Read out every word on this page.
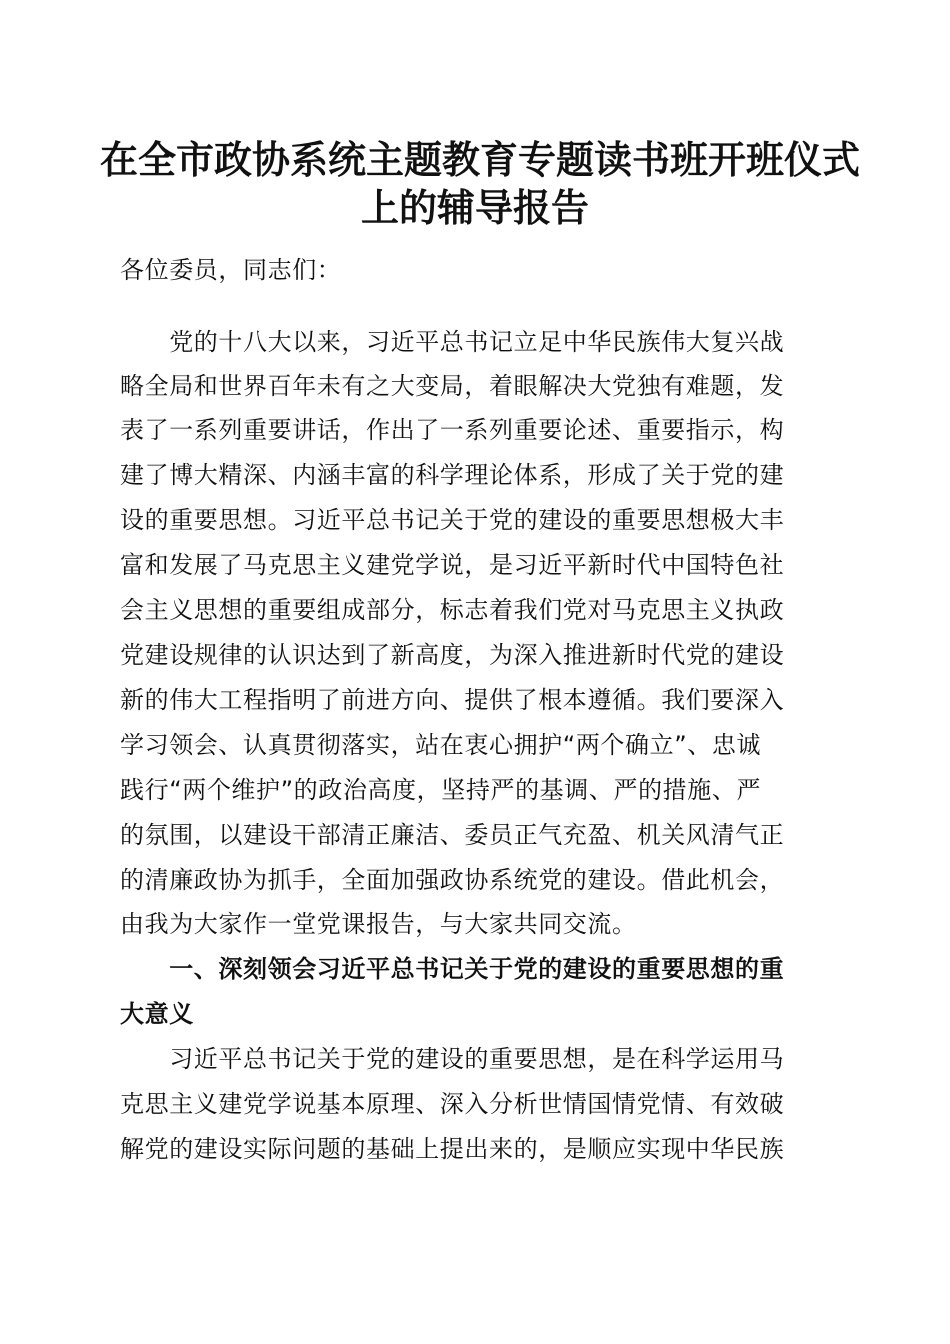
在全市政协系统主题教育专题读书班开班仪式
上的辅导报告

各位委员，同志们：

　　党的十八大以来，习近平总书记立足中华民族伟大复兴战

略全局和世界百年未有之大变局，着眼解决大党独有难题，发

表了一系列重要讲话，作出了一系列重要论述、重要指示，构

建了博大精深、内涵丰富的科学理论体系，形成了关于党的建

设的重要思想。习近平总书记关于党的建设的重要思想极大丰

富和发展了马克思主义建党学说，是习近平新时代中国特色社

会主义思想的重要组成部分，标志着我们党对马克思主义执政

党建设规律的认识达到了新高度，为深入推进新时代党的建设

新的伟大工程指明了前进方向、提供了根本遵循。我们要深入

学习领会、认真贯彻落实，站在衷心拥护“两个确立”、忠诚

践行“两个维护”的政治高度，坚持严的基调、严的措施、严

的氛围，以建设干部清正廉洁、委员正气充盈、机关风清气正

的清廉政协为抓手，全面加强政协系统党的建设。借此机会，

由我为大家作一堂党课报告，与大家共同交流。

　　一、深刻领会习近平总书记关于党的建设的重要思想的重

大意义

　　习近平总书记关于党的建设的重要思想，是在科学运用马

克思主义建党学说基本原理、深入分析世情国情党情、有效破

解党的建设实际问题的基础上提出来的，是顺应实现中华民族
